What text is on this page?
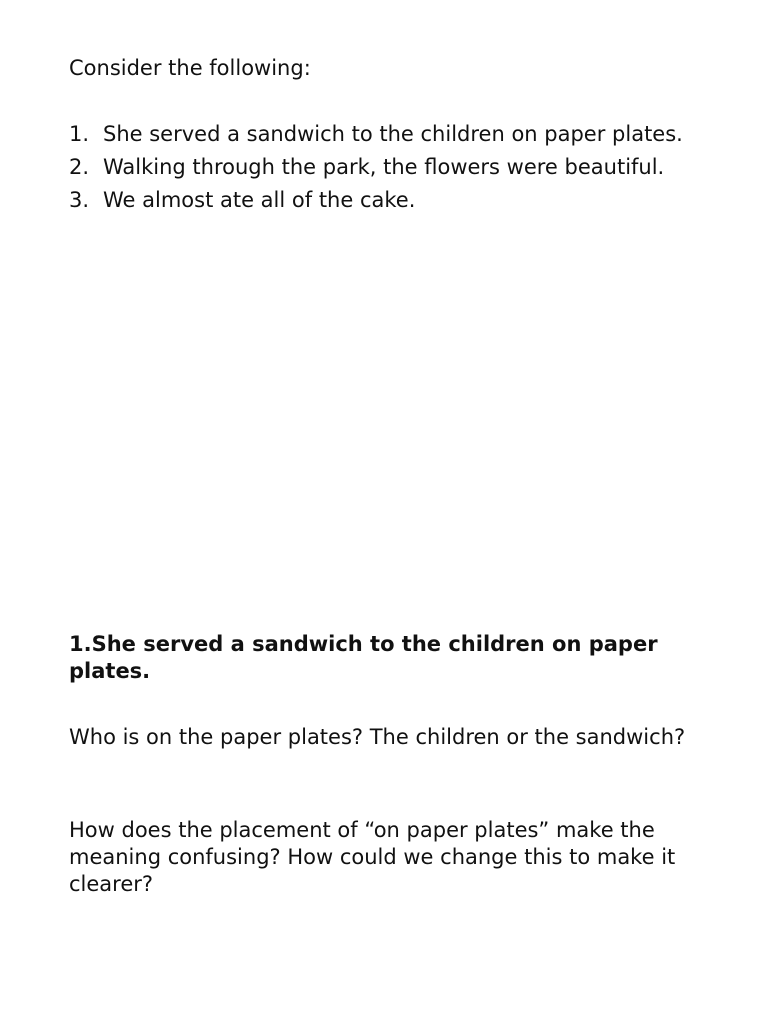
Consider the following:

1. She served a sandwich to the children on paper plates.
2. Walking through the park, the flowers were beautiful.
3. We almost ate all of the cake.

1.She served a sandwich to the children on paper plates.

Who is on the paper plates? The children or the sandwich?

How does the placement of “on paper plates” make the meaning confusing? How could we change this to make it clearer?
